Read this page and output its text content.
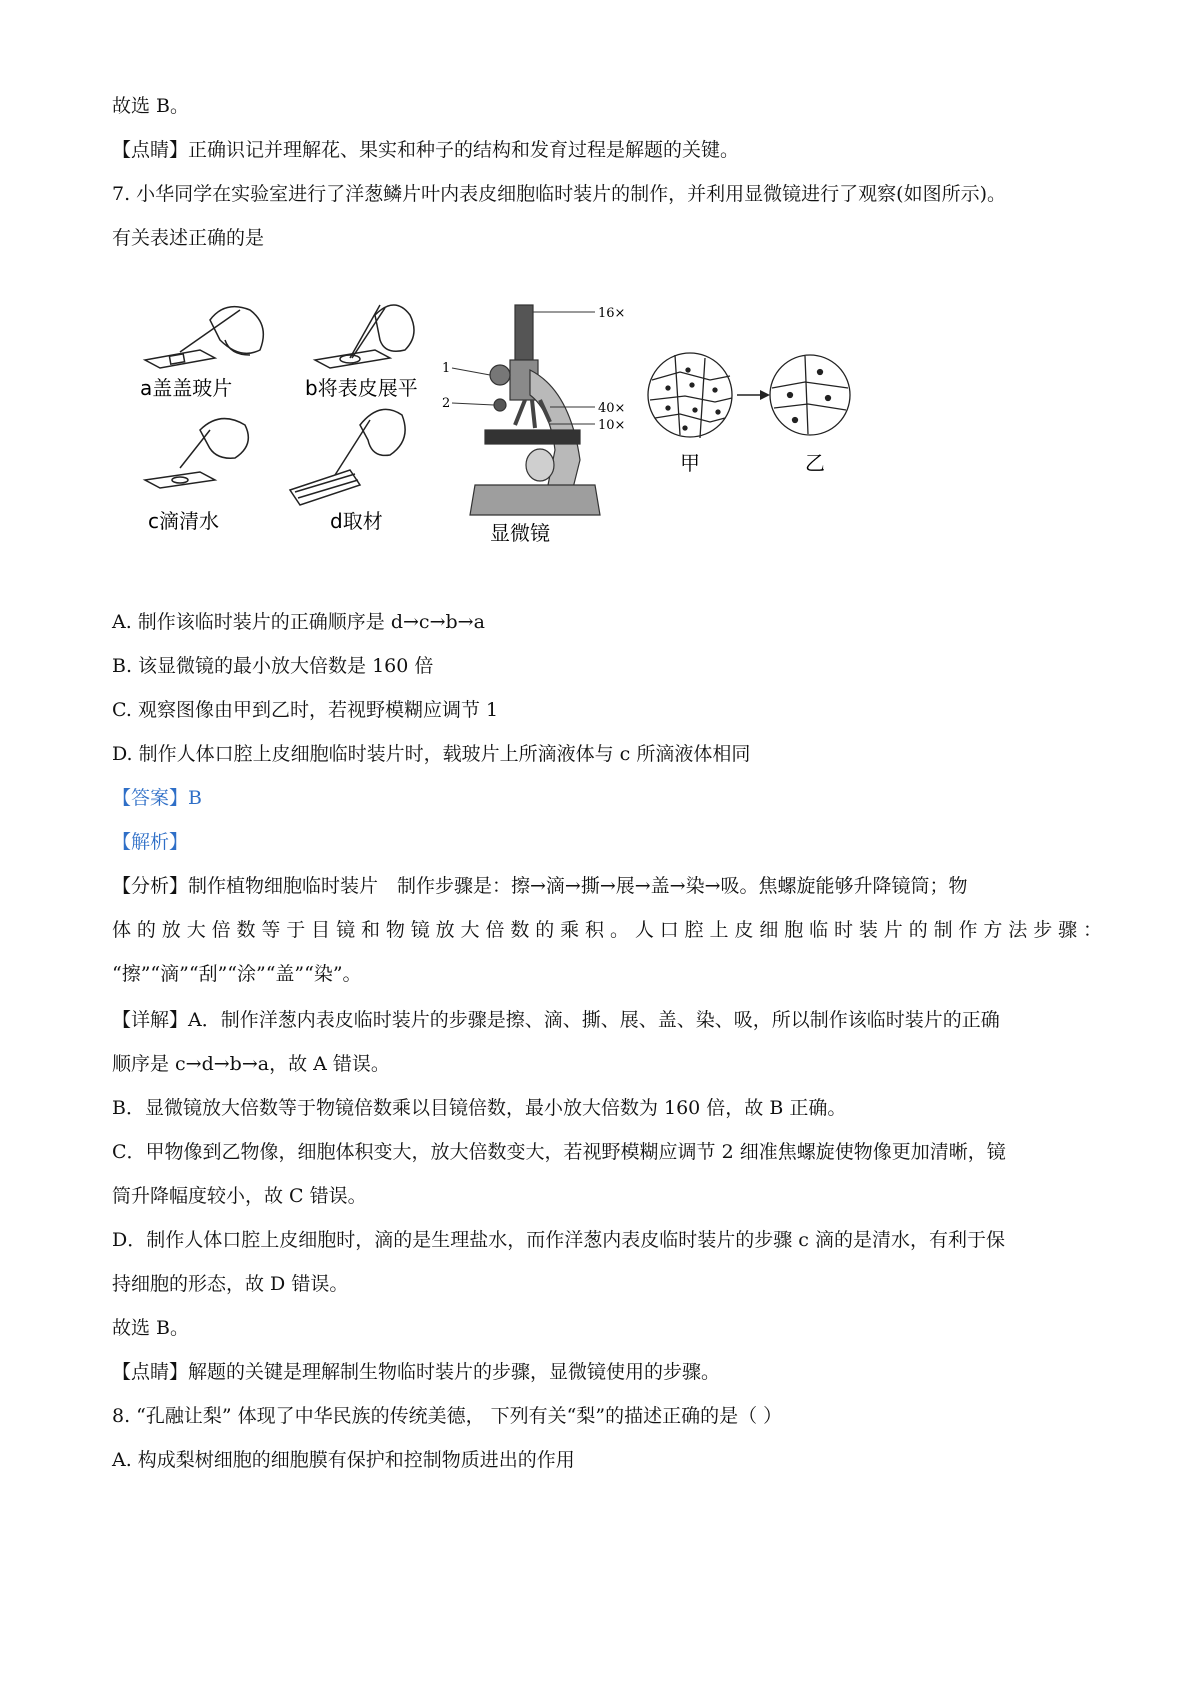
故选 B。
【点睛】正确识记并理解花、果实和种子的结构和发育过程是解题的关键。
7. 小华同学在实验室进行了洋葱鳞片叶内表皮细胞临时装片的制作，并利用显微镜进行了观察(如图所示)。
有关表述正确的是
a盖盖玻片	b将表皮展平
c滴清水	d取材
16×
1
2	40×
10×
显微镜
甲	乙
A. 制作该临时装片的正确顺序是 d→c→b→a
B. 该显微镜的最小放大倍数是 160 倍
C. 观察图像由甲到乙时，若视野模糊应调节 1
D. 制作人体口腔上皮细胞临时装片时，载玻片上所滴液体与 c 所滴液体相同
【答案】B
【解析】
【分析】制作植物细胞临时装片　制作步骤是：擦→滴→撕→展→盖→染→吸。焦螺旋能够升降镜筒；物
体的放大倍数等于目镜和物镜放大倍数的乘积。人口腔上皮细胞临时装片的制作方法步骤：
“擦”“滴”“刮”“涂”“盖”“染”。
【详解】A．制作洋葱内表皮临时装片的步骤是擦、滴、撕、展、盖、染、吸，所以制作该临时装片的正确
顺序是 c→d→b→a，故 A 错误。
B．显微镜放大倍数等于物镜倍数乘以目镜倍数，最小放大倍数为 160 倍，故 B 正确。
C．甲物像到乙物像，细胞体积变大，放大倍数变大，若视野模糊应调节 2 细准焦螺旋使物像更加清晰，镜
筒升降幅度较小，故 C 错误。
D．制作人体口腔上皮细胞时，滴的是生理盐水，而作洋葱内表皮临时装片的步骤 c 滴的是清水，有利于保
持细胞的形态，故 D 错误。
故选 B。
【点睛】解题的关键是理解制生物临时装片的步骤，显微镜使用的步骤。
8. “孔融让梨” 体现了中华民族的传统美德， 下列有关“梨”的描述正确的是（ ）
A. 构成梨树细胞的细胞膜有保护和控制物质进出的作用
